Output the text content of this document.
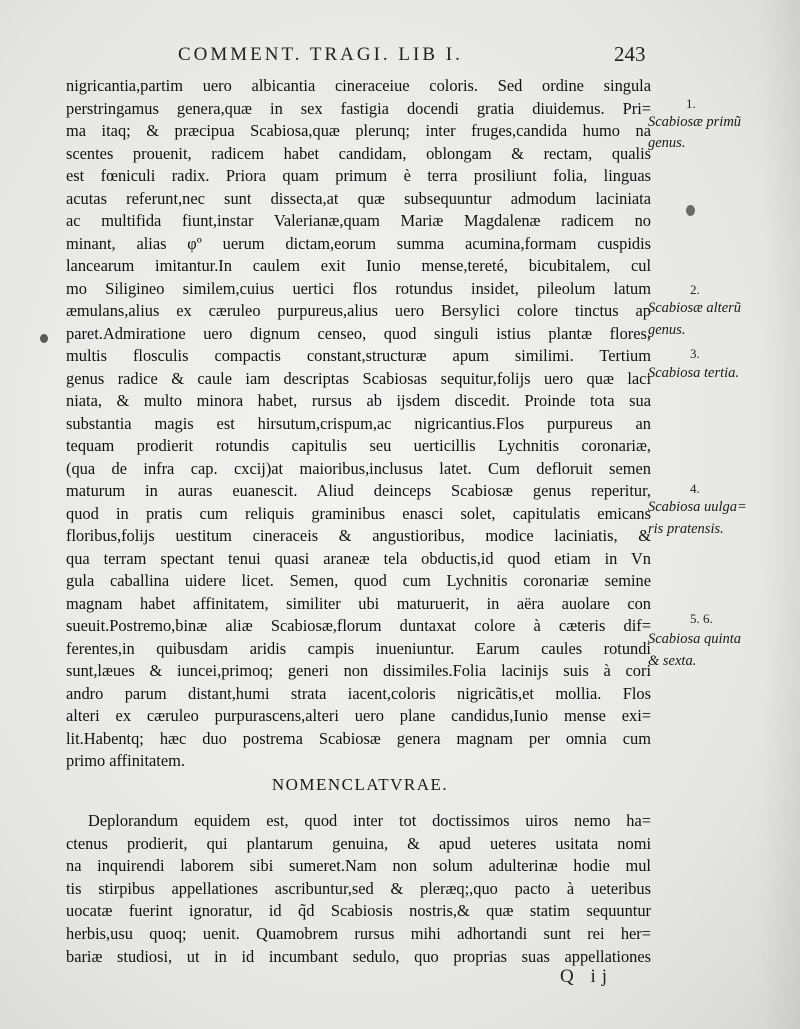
COMMENT. TRAGI. LIB I.	243
nigricantia,partim uero albicantia cineraceiue coloris. Sed ordine singula
perstringamus genera,quæ in sex fastigia docendi gratia diuidemus. Pri=
ma itaq; & præcipua Scabiosa,quæ plerunq; inter fruges,candida humo na
scentes prouenit, radicem habet candidam, oblongam & rectam, qualis
est fœniculi radix. Priora quam primum è terra prosiliunt folia, linguas
acutas referunt,nec sunt dissecta,at quæ subsequuntur admodum laciniata
ac multifida fiunt,instar Valerianæ,quam Mariæ Magdalenæ radicem no
minant, alias φº uerum dictam,eorum summa acumina,formam cuspidis
lancearum imitantur.In caulem exit Iunio mense,tereté, bicubitalem, cul
mo Siligineo similem,cuius uertici flos rotundus insidet, pileolum latum
æmulans,alius ex cæruleo purpureus,alius uero Bersylici colore tinctus ap
paret.Admiratione uero dignum censeo, quod singuli istius plantæ flores,
multis flosculis compactis constant,structuræ apum similimi. Tertium
genus radice & caule iam descriptas Scabiosas sequitur,folijs uero quæ laci
niata, & multo minora habet, rursus ab ijsdem discedit. Proinde tota sua
substantia magis est hirsutum,crispum,ac nigricantius.Flos purpureus an
tequam prodierit rotundis capitulis seu uerticillis Lychnitis coronariæ,
(qua de infra cap. cxcij)at maioribus,inclusus latet. Cum defloruit semen
maturum in auras euanescit. Aliud deinceps Scabiosæ genus reperitur,
quod in pratis cum reliquis graminibus enasci solet, capitulatis emicans
floribus,folijs uestitum cineraceis & angustioribus, modice laciniatis, &
qua terram spectant tenui quasi araneæ tela obductis,id quod etiam in Vn
gula caballina uidere licet. Semen, quod cum Lychnitis coronariæ semine
magnam habet affinitatem, similiter ubi maturuerit, in aëra auolare con
sueuit.Postremo,binæ aliæ Scabiosæ,florum duntaxat colore à cæteris dif=
ferentes,in quibusdam aridis campis inueniuntur. Earum caules rotundi
sunt,læues & iuncei,primoq; generi non dissimiles.Folia lacinijs suis à cori
andro parum distant,humi strata iacent,coloris nigricãtis,et mollia. Flos
alteri ex cæruleo purpurascens,alteri uero plane candidus,Iunio mense exi=
lit.Habentq; hæc duo postrema Scabiosæ genera magnam per omnia cum
primo affinitatem.
NOMENCLATVRAE.
Deplorandum equidem est, quod inter tot doctissimos uiros nemo ha=
ctenus prodierit, qui plantarum genuina, & apud ueteres usitata nomi
na inquirendi laborem sibi sumeret.Nam non solum adulterinæ hodie mul
tis stirpibus appellationes ascribuntur,sed & pleræq;,quo pacto à ueteribus
uocatæ fuerint ignoratur, id q̃d Scabiosis nostris,& quæ statim sequuntur
herbis,usu quoq; uenit. Quamobrem rursus mihi adhortandi sunt rei her=
bariæ studiosi, ut in id incumbant sedulo, quo proprias suas appellationes
Q ij
1.
Scabiosæ primũ
genus.
2.
Scabiosæ alterũ
genus.
3.
Scabiosa tertia.
4.
Scabiosa uulga=
ris pratensis.
5. 6.
Scabiosa quinta
& sexta.
